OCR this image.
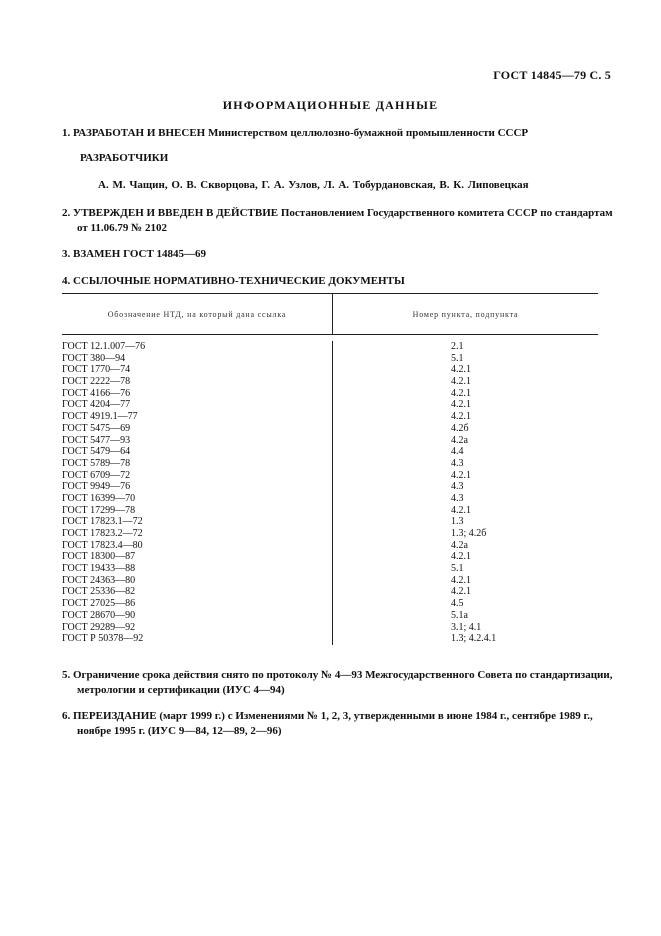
ГОСТ 14845—79 С. 5
ИНФОРМАЦИОННЫЕ ДАННЫЕ
1. РАЗРАБОТАН И ВНЕСЕН Министерством целлюлозно-бумажной промышленности СССР
РАЗРАБОТЧИКИ
А. М. Чащин, О. В. Скворцова, Г. А. Узлов, Л. А. Тобурдановская, В. К. Липовецкая
2. УТВЕРЖДЕН И ВВЕДЕН В ДЕЙСТВИЕ Постановлением Государственного комитета СССР по стандартам от 11.06.79 № 2102
3. ВЗАМЕН ГОСТ 14845—69
4. ССЫЛОЧНЫЕ НОРМАТИВНО-ТЕХНИЧЕСКИЕ ДОКУМЕНТЫ
Обозначение НТД, на который дана ссылка	Номер пункта, подпункта
ГОСТ 12.1.007—76
ГОСТ 380—94
ГОСТ 1770—74
ГОСТ 2222—78
ГОСТ 4166—76
ГОСТ 4204—77
ГОСТ 4919.1—77
ГОСТ 5475—69
ГОСТ 5477—93
ГОСТ 5479—64
ГОСТ 5789—78
ГОСТ 6709—72
ГОСТ 9949—76
ГОСТ 16399—70
ГОСТ 17299—78
ГОСТ 17823.1—72
ГОСТ 17823.2—72
ГОСТ 17823.4—80
ГОСТ 18300—87
ГОСТ 19433—88
ГОСТ 24363—80
ГОСТ 25336—82
ГОСТ 27025—86
ГОСТ 28670—90
ГОСТ 29289—92
ГОСТ Р 50378—92
2.1
5.1
4.2.1
4.2.1
4.2.1
4.2.1
4.2.1
4.2б
4.2а
4.4
4.3
4.2.1
4.3
4.3
4.2.1
1.3
1.3; 4.2б
4.2а
4.2.1
5.1
4.2.1
4.2.1
4.5
5.1а
3.1; 4.1
1.3; 4.2.4.1
5. Ограничение срока действия снято по протоколу № 4—93 Межгосударственного Совета по стандартизации, метрологии и сертификации (ИУС 4—94)
6. ПЕРЕИЗДАНИЕ (март 1999 г.) с Изменениями № 1, 2, 3, утвержденными в июне 1984 г., сентябре 1989 г., ноябре 1995 г. (ИУС 9—84, 12—89, 2—96)
